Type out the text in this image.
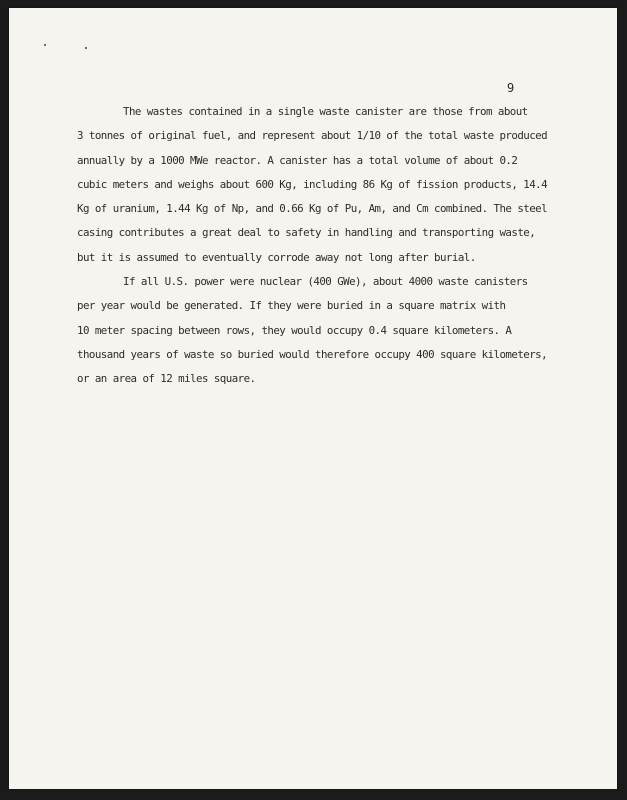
9
The wastes contained in a single waste canister are those from about
3 tonnes of original fuel, and represent about 1/10 of the total waste produced
annually by a 1000 MWe reactor. A canister has a total volume of about 0.2
cubic meters and weighs about 600 Kg, including 86 Kg of fission products, 14.4
Kg of uranium, 1.44 Kg of Np, and 0.66 Kg of Pu, Am, and Cm combined. The steel
casing contributes a great deal to safety in handling and transporting waste,
but it is assumed to eventually corrode away not long after burial.
If all U.S. power were nuclear (400 GWe), about 4000 waste canisters
per year would be generated. If they were buried in a square matrix with
10 meter spacing between rows, they would occupy 0.4 square kilometers. A
thousand years of waste so buried would therefore occupy 400 square kilometers,
or an area of 12 miles square.
